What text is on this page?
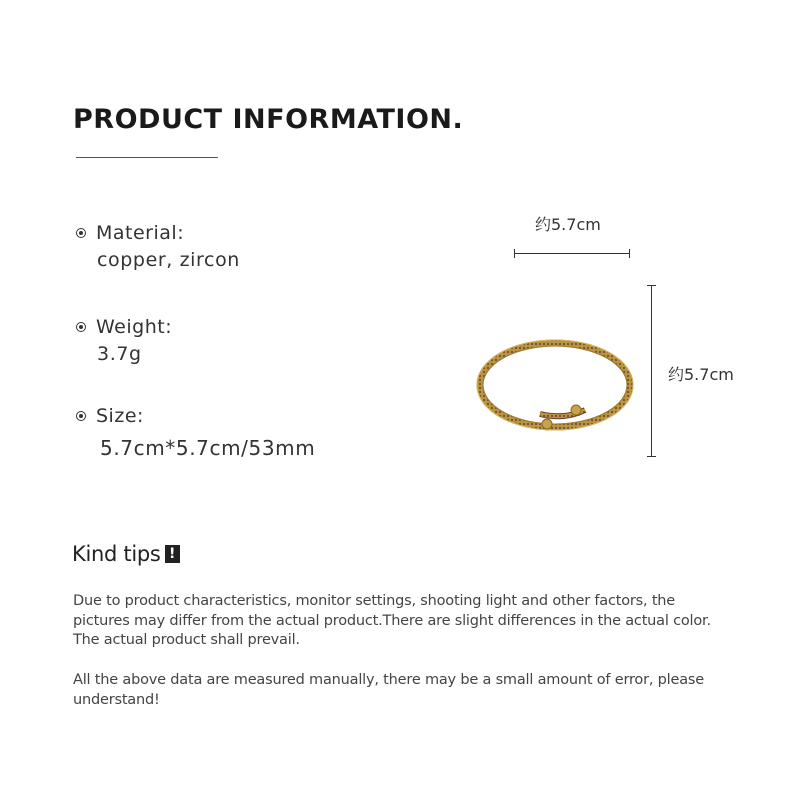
PRODUCT INFORMATION.
Material:
copper, zircon
Weight:
3.7g
Size:
5.7cm*5.7cm/53mm
约5.7cm
约5.7cm
Kind tips !

Due to product characteristics, monitor settings, shooting light and other factors, the pictures may differ from the actual product.There are slight differences in the actual color. The actual product shall prevail.

All the above data are measured manually, there may be a small amount of error, please understand!
